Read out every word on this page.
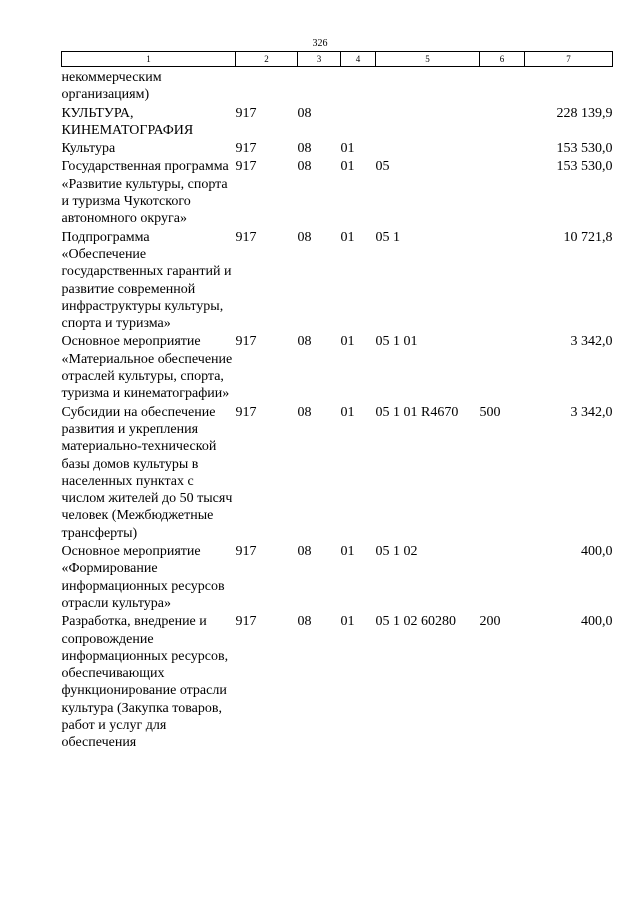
326
1	2	3	4	5	6	7
некоммерческим организациям)						
КУЛЬТУРА, КИНЕМАТОГРАФИЯ	917	08				228 139,9
Культура	917	08	01			153 530,0
Государственная программа «Развитие культуры, спорта и туризма Чукотского автономного округа»	917	08	01	05		153 530,0
Подпрограмма «Обеспечение государственных гарантий и развитие современной инфраструктуры культуры, спорта и туризма»	917	08	01	05 1		10 721,8
Основное мероприятие «Материальное обеспечение отраслей культуры, спорта, туризма и кинематографии»	917	08	01	05 1 01		3 342,0
Субсидии на обеспечение развития и укрепления материально-технической базы домов культуры в населенных пунктах с числом жителей до 50 тысяч человек (Межбюджетные трансферты)	917	08	01	05 1 01 R4670	500	3 342,0
Основное мероприятие «Формирование информационных ресурсов отрасли культура»	917	08	01	05 1 02		400,0
Разработка, внедрение и сопровождение информационных ресурсов, обеспечивающих функционирование отрасли культура (Закупка товаров, работ и услуг для обеспечения	917	08	01	05 1 02 60280	200	400,0
